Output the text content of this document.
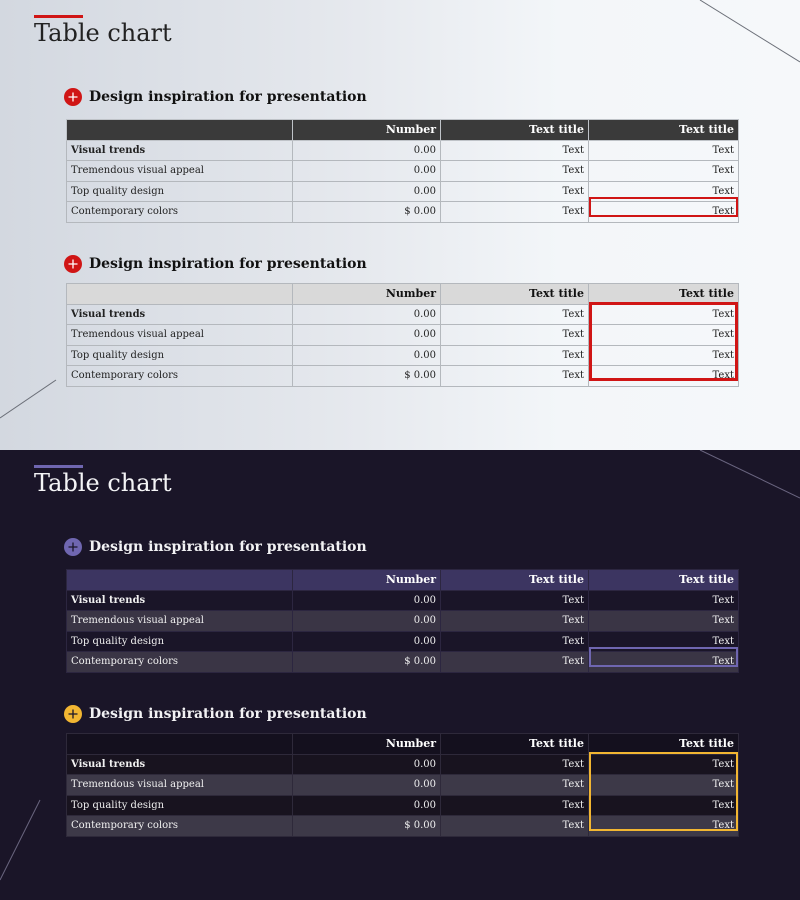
Table chart
Design inspiration for presentation
	Number	Text title	Text title
Visual trends	0.00	Text	Text
Tremendous visual appeal	0.00	Text	Text
Top quality design	0.00	Text	Text
Contemporary colors	$ 0.00	Text	Text
Design inspiration for presentation
	Number	Text title	Text title
Visual trends	0.00	Text	Text
Tremendous visual appeal	0.00	Text	Text
Top quality design	0.00	Text	Text
Contemporary colors	$ 0.00	Text	Text
Table chart
Design inspiration for presentation
	Number	Text title	Text title
Visual trends	0.00	Text	Text
Tremendous visual appeal	0.00	Text	Text
Top quality design	0.00	Text	Text
Contemporary colors	$ 0.00	Text	Text
Design inspiration for presentation
	Number	Text title	Text title
Visual trends	0.00	Text	Text
Tremendous visual appeal	0.00	Text	Text
Top quality design	0.00	Text	Text
Contemporary colors	$ 0.00	Text	Text
